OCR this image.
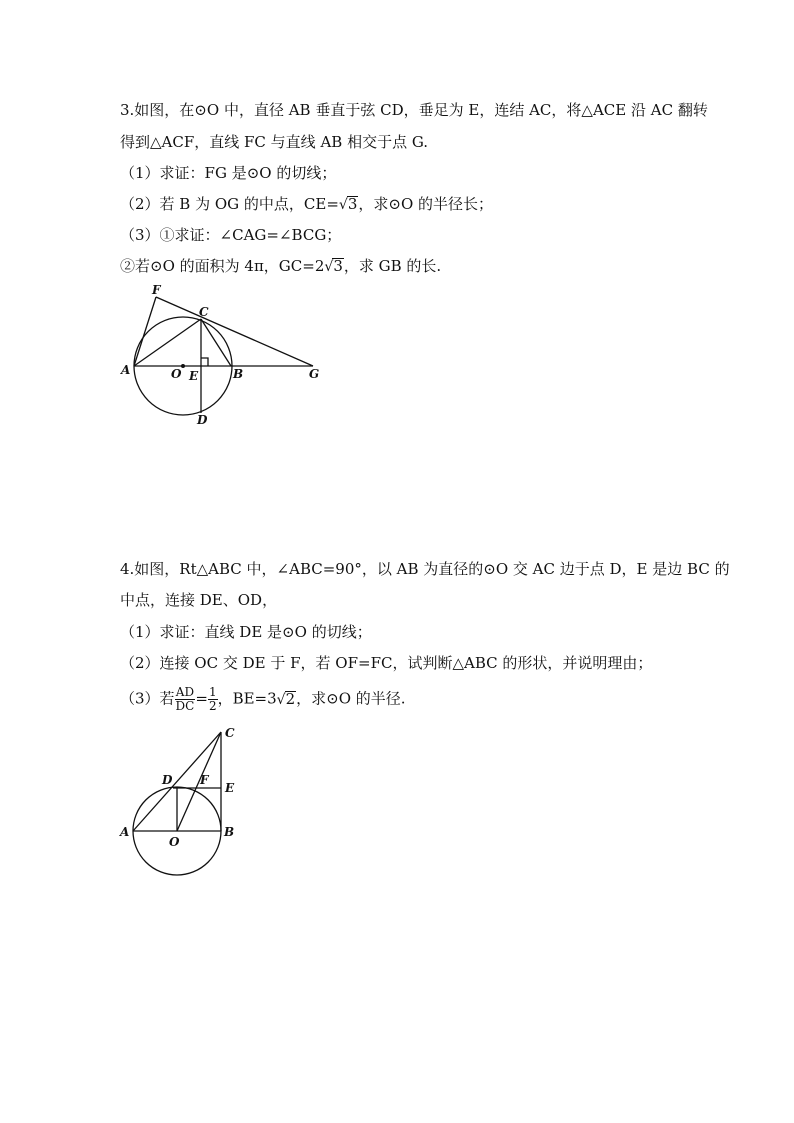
3.如图，在⊙O 中，直径 AB 垂直于弦 CD，垂足为 E，连结 AC，将△ACE 沿 AC 翻转
得到△ACF，直线 FC 与直线 AB 相交于点 G.
（1）求证：FG 是⊙O 的切线；
（2）若 B 为 OG 的中点，CE=√3，求⊙O 的半径长；
（3）①求证：∠CAG=∠BCG；
②若⊙O 的面积为 4π，GC=2√3，求 GB 的长.
F
C
A	O E	B	G
D
C
D F
E
A	B
O
4.如图，Rt△ABC 中，∠ABC=90°，以 AB 为直径的⊙O 交 AC 边于点 D，E 是边 BC 的
中点，连接 DE、OD，
（1）求证：直线 DE 是⊙O 的切线；
（2）连接 OC 交 DE 于 F，若 OF=FC，试判断△ABC 的形状，并说明理由；
（3）若 $\frac{AD}{DC} = \frac{1}{2}$ ，BE=3√2，求⊙O 的半径.
